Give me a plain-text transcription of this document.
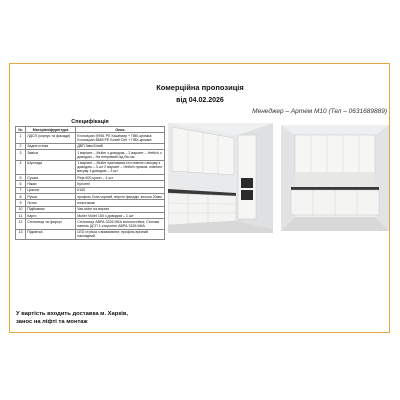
Комерційна пропозиція
від 04.02.2026
Менеджер – Артем М10 (Тел – 0631689889)
Специфікація
№	Матеріал/фурнітура	Опис
1	ЛДСП (корпус та фасади)	Kronospan (9951 PE Кашемир + ПВХ-кромка; Kronospan 8685 PE Білий Снiг + ПВХ-кромка
2	Задня стінка	ДВП 3мм Білий
3	Завіси	1 варіант – Muller з доводом – 2 варіант – Hettich з доводом – На непрямий під бік-ом
4	Шухляди	1 варіант – Muller прихована-сти повного висуву з доводом – 3 шт 2 варіант – Hettich прихов. повного висуву з доводом – 3 шт
5	Сушка	Rejs 600 кухон – 1 шт
6	Ніжки	Кухонні
7	Цоколь	h100
8	Ручки	профіль Gola чорний, верхні фасади: зноска 20мм
9	Лотки	пластикові
10	Підйомник	Vas-stdm на вітрині
11	Карго	Muller Violet 150 з доводом – 1 шт
12	Стільниця та фартух	Стільниця АВРА 3326 МКА вологостійка; Стінова панель ДСП 1-сторонне АВРА 3326 МКА
13	Підсвітка	LED стрічка з вимикачем; профіль врізний накладний
У вартість входить доставка м. Харків,
занос на ліфті та монтаж
